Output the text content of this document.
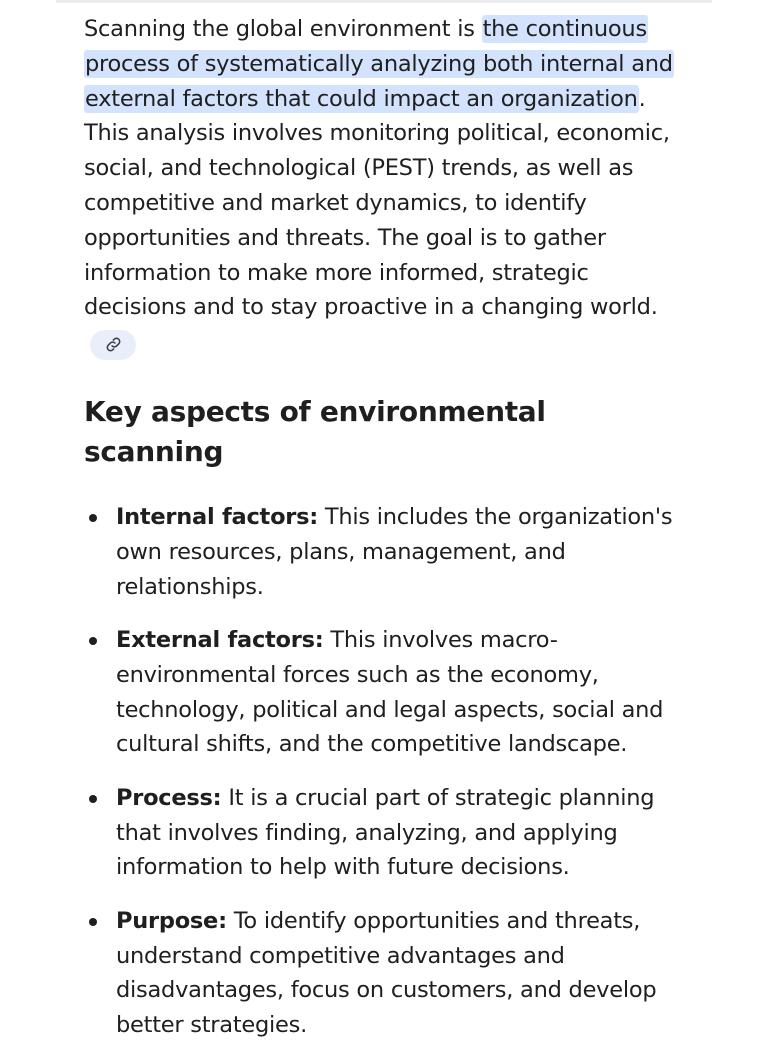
Scanning the global environment is the continuous process of systematically analyzing both internal and external factors that could impact an organization. This analysis involves monitoring political, economic, social, and technological (PEST) trends, as well as competitive and market dynamics, to identify opportunities and threats. The goal is to gather information to make more informed, strategic decisions and to stay proactive in a changing world.

Key aspects of environmental scanning
Internal factors: This includes the organization's own resources, plans, management, and relationships.
External factors: This involves macro-environmental forces such as the economy, technology, political and legal aspects, social and cultural shifts, and the competitive landscape.
Process: It is a crucial part of strategic planning that involves finding, analyzing, and applying information to help with future decisions.
Purpose: To identify opportunities and threats, understand competitive advantages and disadvantages, focus on customers, and develop better strategies.
